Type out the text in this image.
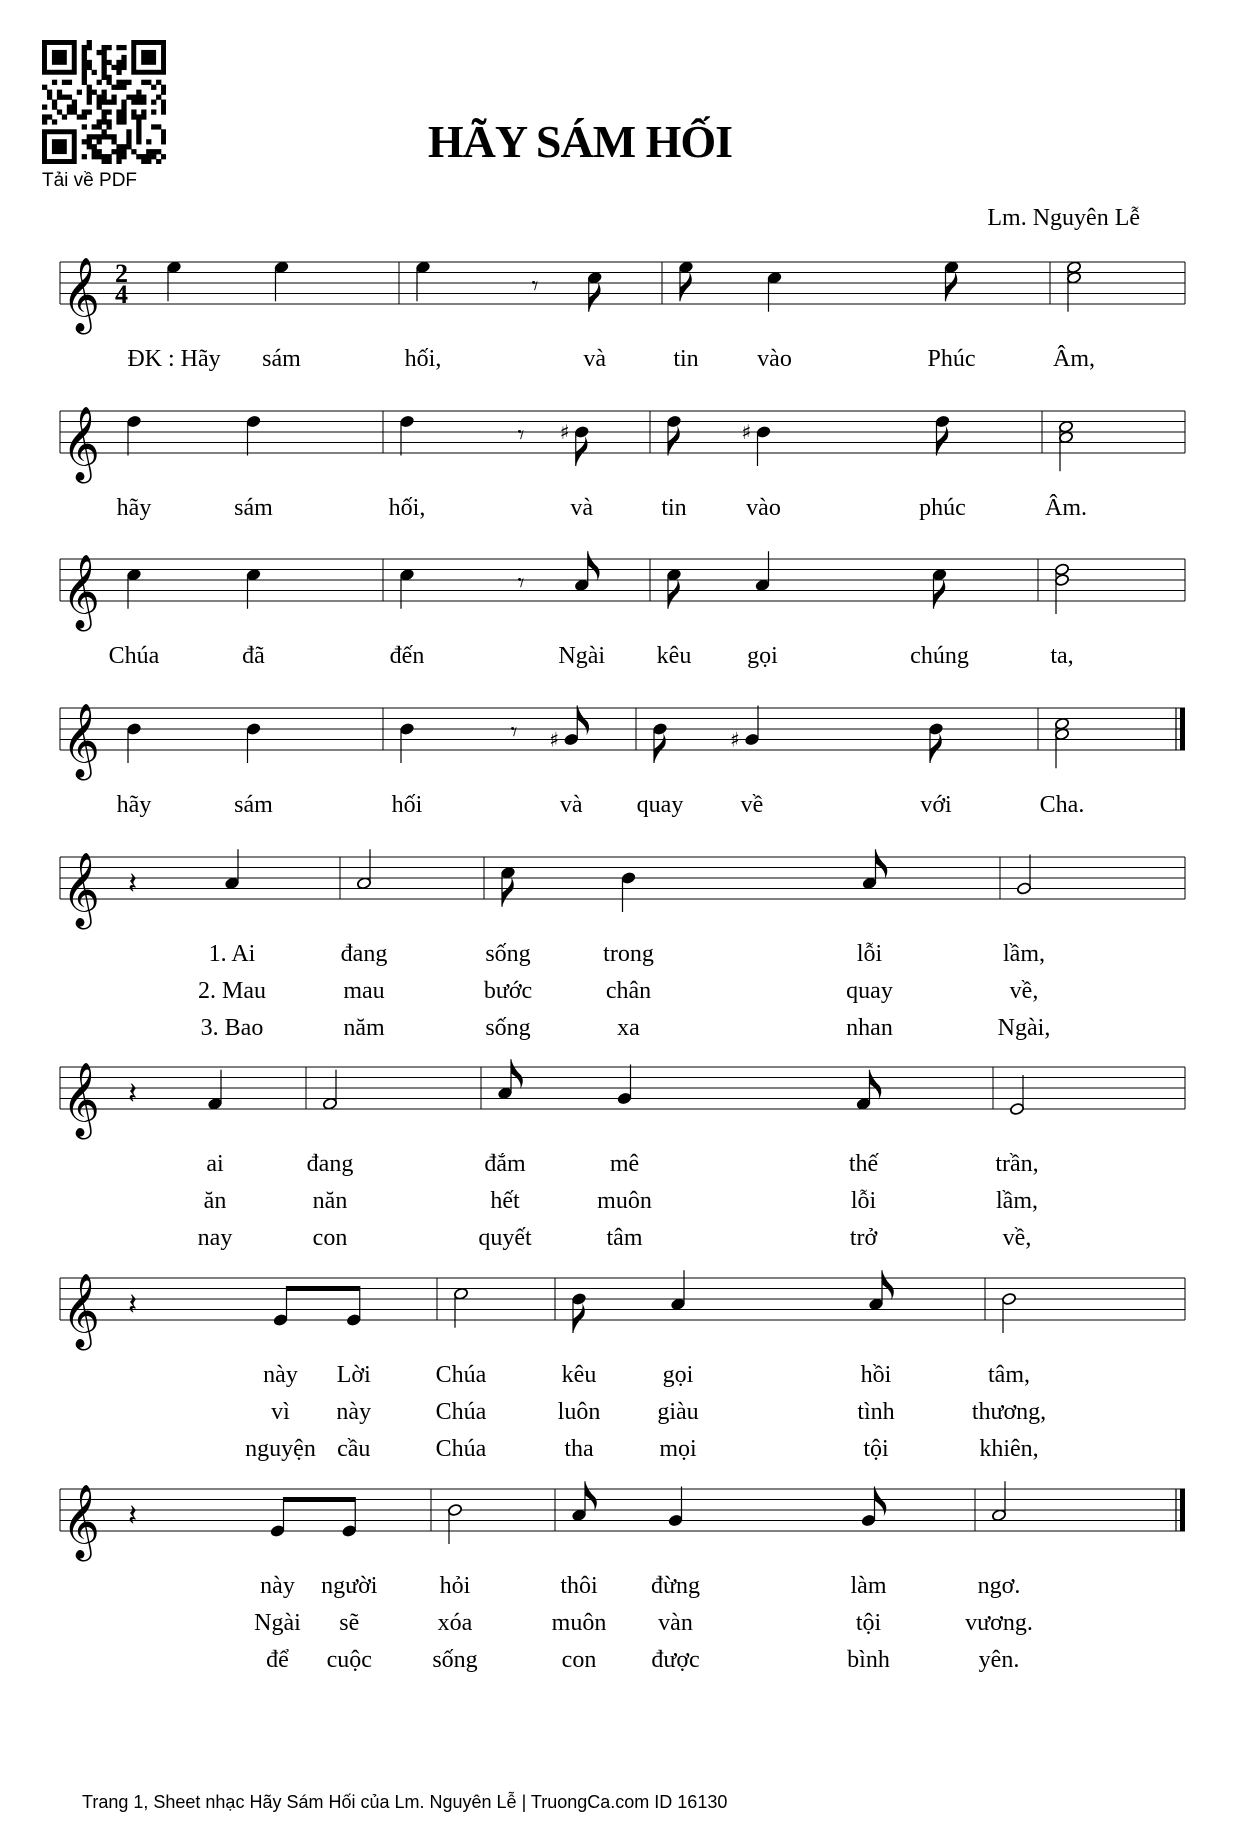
Tải về PDF
HÃY SÁM HỐI
Lm. Nguyên Lễ
𝄞 2
4	𝄾
ĐK : Hãy sám	hối,	và	tin vào	Phúc	Âm,
𝄞	𝄾 ♯	♯
hãy	sám	hối,	và	tin vào	phúc	Âm.
𝄞	𝄾
Chúa	đã	đến	Ngài kêu gọi	chúng	ta,
𝄞	𝄾 ♯	♯
hãy	sám	hối	và quay về	với	Cha.
𝄞 𝄽
1. Ai	đang	sống	trong	lỗi	lầm,
2. Mau	mau	bước	chân	quay	về,
3. Bao	năm	sống	xa	nhan	Ngài,
𝄞 𝄽
ai	đang	đắm	mê	thế	trần,
ăn	năn	hết	muôn	lỗi	lầm,
nay	con	quyết	tâm	trở	về,
𝄞 𝄽
này Lời	Chúa	kêu	gọi	hồi	tâm,
vì này	Chúa	luôn giàu	tình	thương,
nguyện cầu	Chúa	tha	mọi	tội	khiên,
𝄞 𝄽
này người	hỏi	thôi đừng	làm	ngơ.
Ngài sẽ	xóa	muôn vàn	tội	vương.
để cuộc	sống	con được	bình	yên.
Trang 1, Sheet nhạc Hãy Sám Hối của Lm. Nguyên Lễ | TruongCa.com ID 16130
